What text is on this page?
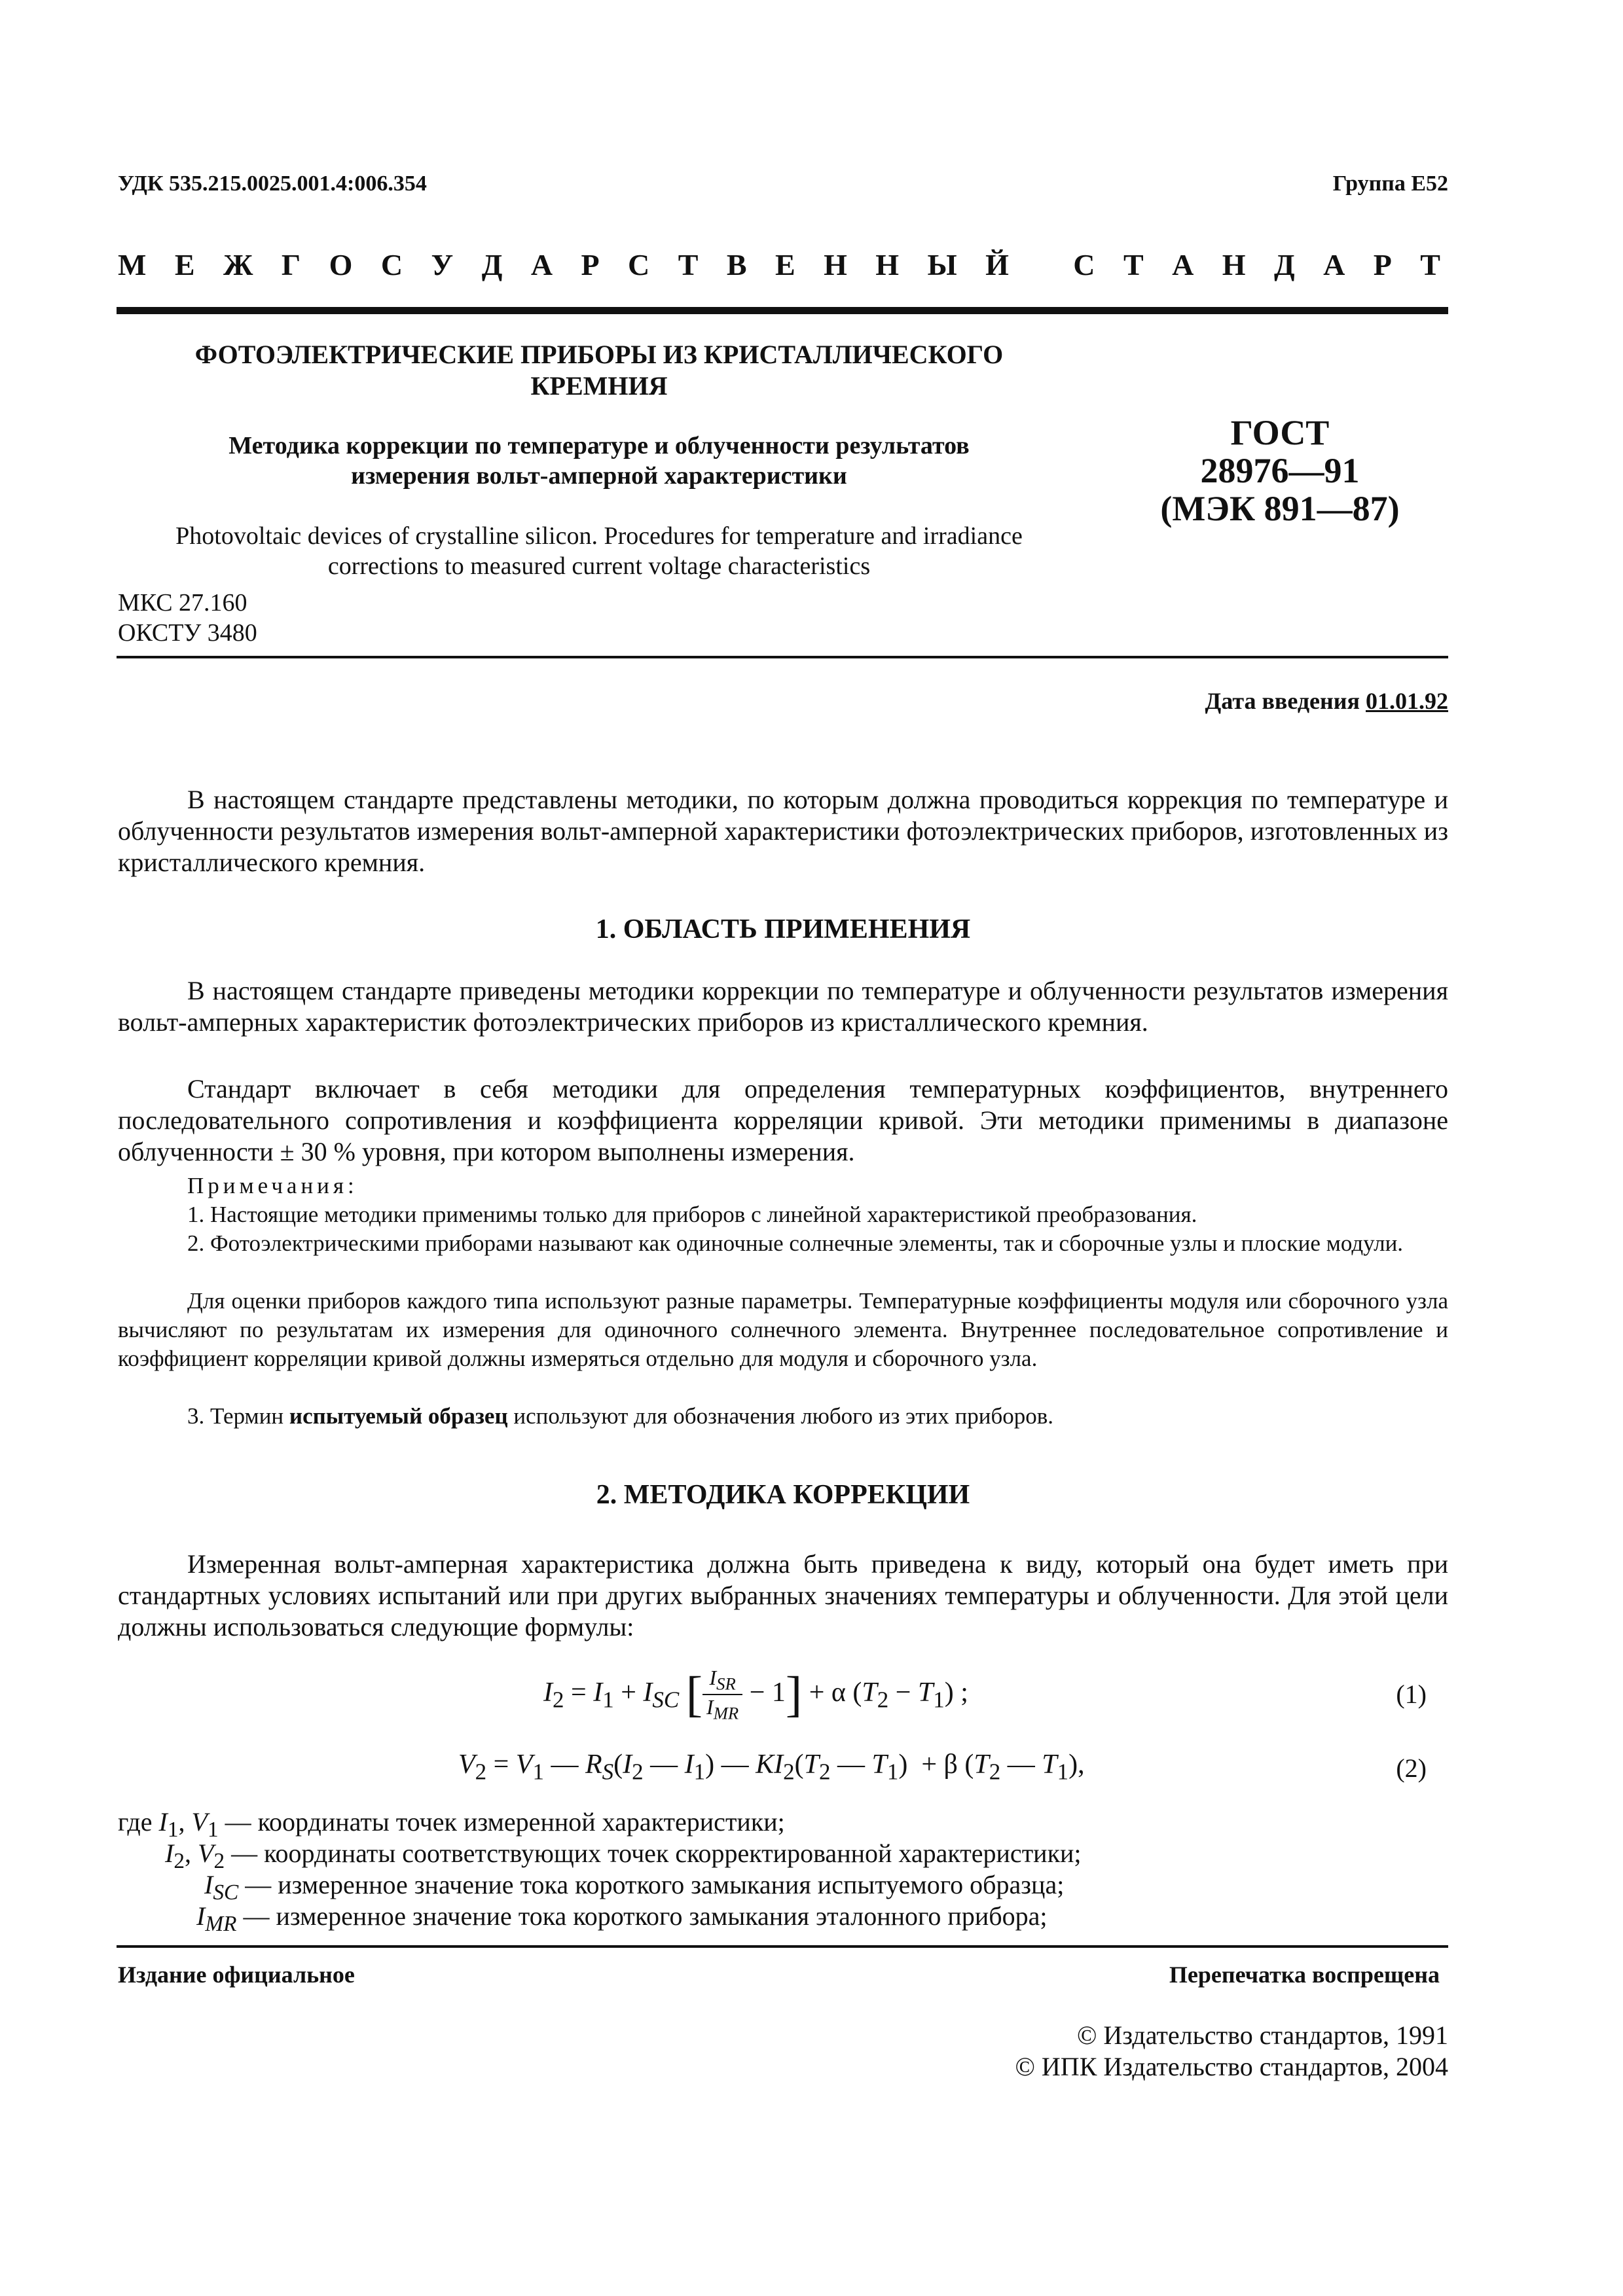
УДК 535.215.0025.001.4:006.354	Группа Е52
М Е Ж Г О С У Д А Р С Т В Е Н Н Ы Й
С Т А Н Д А Р Т
ФОТОЭЛЕКТРИЧЕСКИЕ ПРИБОРЫ ИЗ КРИСТАЛЛИЧЕСКОГО
КРЕМНИЯ
Методика коррекции по температуре и облученности результатов
измерения вольт-амперной характеристики
Photovoltaic devices of crystalline silicon. Procedures for temperature and irradiance
corrections to measured current voltage characteristics
МКС 27.160
ОКСТУ 3480
ГОСТ
28976—91
(МЭК 891—87)
Дата введения 01.01.92
В настоящем стандарте представлены методики, по которым должна проводиться коррекция по температуре и облученности результатов измерения вольт-амперной характеристики фотоэлектрических приборов, изготовленных из кристаллического кремния.
1. ОБЛАСТЬ ПРИМЕНЕНИЯ
В настоящем стандарте приведены методики коррекции по температуре и облученности результатов измерения вольт-амперных характеристик фотоэлектрических приборов из кристаллического кремния.
Стандарт включает в себя методики для определения температурных коэффициентов, внутреннего последовательного сопротивления и коэффициента корреляции кривой. Эти методики применимы в диапазоне облученности ± 30 % уровня, при котором выполнены измерения.
Примечания:
1. Настоящие методики применимы только для приборов с линейной характеристикой преобразования.
2. Фотоэлектрическими приборами называют как одиночные солнечные элементы, так и сборочные узлы и плоские модули.
Для оценки приборов каждого типа используют разные параметры. Температурные коэффициенты модуля или сборочного узла вычисляют по результатам их измерения для одиночного солнечного элемента. Внутреннее последовательное сопротивление и коэффициент корреляции кривой должны измеряться отдельно для модуля и сборочного узла.
3. Термин испытуемый образец используют для обозначения любого из этих приборов.
2. МЕТОДИКА КОРРЕКЦИИ
Измеренная вольт-амперная характеристика должна быть приведена к виду, который она будет иметь при стандартных условиях испытаний или при других выбранных значениях температуры и облученности. Для этой цели должны использоваться следующие формулы:
$I_2 = I_1 + I_{SC}$ [ $\frac{I_{SR}}{I_{MR}} - 1] + \alpha$ $(T_2 - T_1)$ ;	(1)
$V_2 = V_1$ — $R_S(I_2$ — $I_1$) — $KI_2(T_2$ — $T_1) + \beta$ ($T_2$ — $T_1$),	(2)
где $I_1$, $V_1$ — координаты точек измеренной характеристики;
$I_2$, $V_2$ — координаты соответствующих точек скорректированной характеристики;
$I_{SC}$ — измеренное значение тока короткого замыкания испытуемого образца;
$I_{MR}$ — измеренное значение тока короткого замыкания эталонного прибора;
Издание официальное	Перепечатка воспрещена
© Издательство стандартов, 1991
© ИПК Издательство стандартов, 2004
